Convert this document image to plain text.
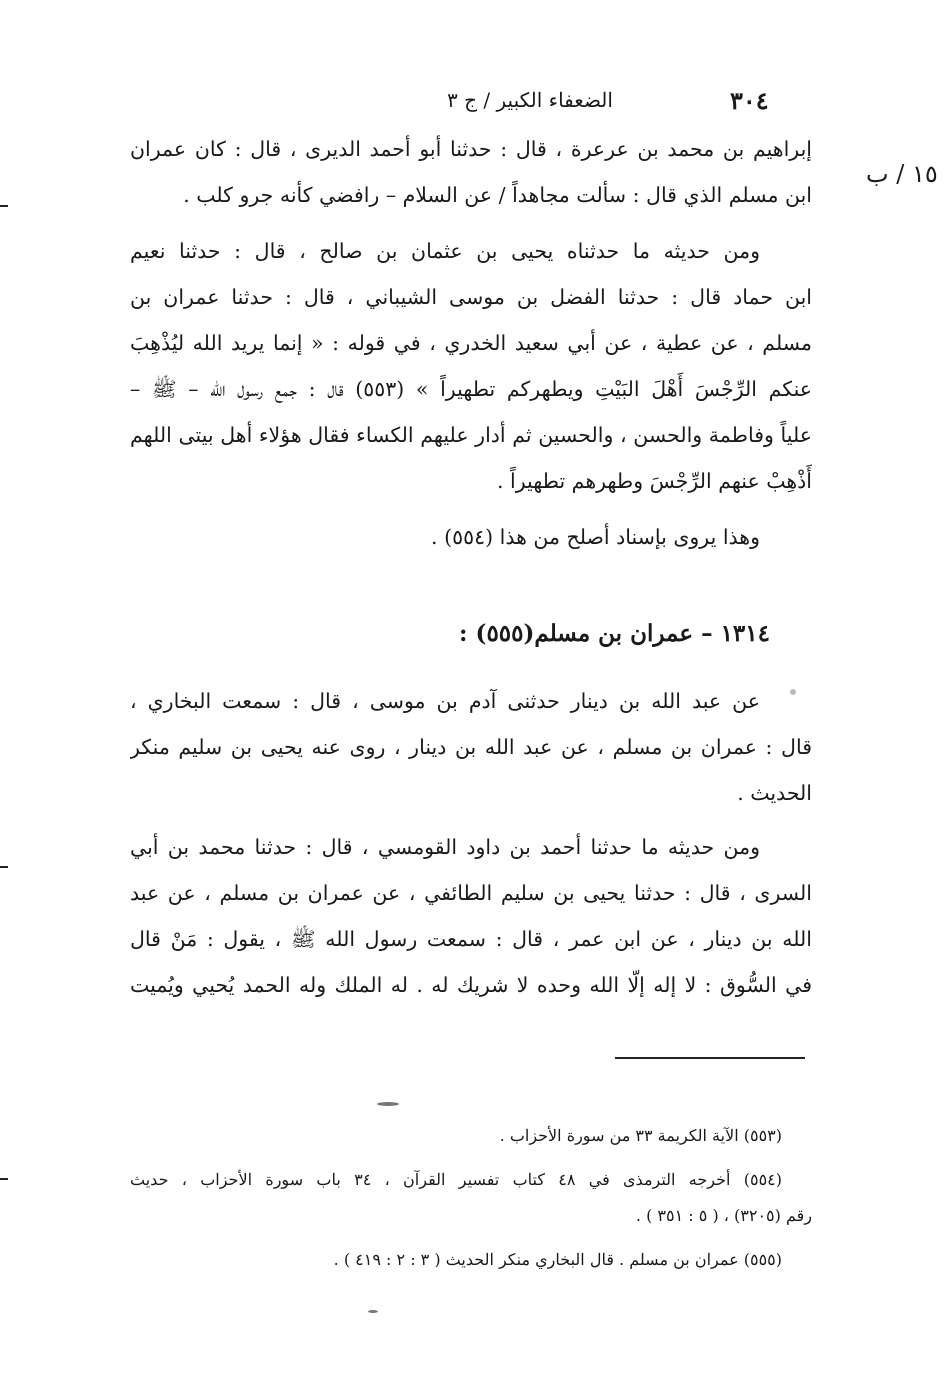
٣٠٤
الضعفاء الكبير / ج ٣
١٥ / ب
إبراهيم بن محمد بن عرعرة ، قال : حدثنا أبو أحمد الديرى ، قال : كان عمران
ابن مسلم الذي قال : سألت مجاهداً / عن السلام – رافضي كأنه جرو كلب .
ومن حديثه ما حدثناه يحيى بن عثمان بن صالح ، قال : حدثنا نعيم
ابن حماد قال : حدثنا الفضل بن موسى الشيباني ، قال : حدثنا عمران بن
مسلم ، عن عطية ، عن أبي سعيد الخدري ، في قوله : « إنما يريد الله ليُذْهِبَ
عنكم الرِّجْسَ أَهْلَ البَيْتِ ويطهركم تطهيراً » (٥٥٣) قال : جمع رسول الله – ﷺ –
علياً وفاطمة والحسن ، والحسين ثم أدار عليهم الكساء فقال هؤلاء أهل بيتى اللهم
أَذْهِبْ عنهم الرِّجْسَ وطهرهم تطهيراً .
وهذا يروى بإسناد أصلح من هذا (٥٥٤) .
١٣١٤ – عمران بن مسلم(٥٥٥) :
عن عبد الله بن دينار حدثنى آدم بن موسى ، قال : سمعت البخاري ،
قال : عمران بن مسلم ، عن عبد الله بن دينار ، روى عنه يحيى بن سليم منكر
الحديث .
ومن حديثه ما حدثنا أحمد بن داود القومسي ، قال : حدثنا محمد بن أبي
السرى ، قال : حدثنا يحيى بن سليم الطائفي ، عن عمران بن مسلم ، عن عبد
الله بن دينار ، عن ابن عمر ، قال : سمعت رسول الله ﷺ ، يقول : مَنْ قال
في السُّوق : لا إله إلّا الله وحده لا شريك له . له الملك وله الحمد يُحيي ويُميت
(٥٥٣) الآية الكريمة ٣٣ من سورة الأحزاب .
(٥٥٤) أخرجه الترمذى في ٤٨ كتاب تفسير القرآن ، ٣٤ باب سورة الأحزاب ، حديث
رقم (٣٢٠٥) ، ( ٥ : ٣٥١ ) .
(٥٥٥) عمران بن مسلم . قال البخاري منكر الحديث ( ٣ : ٢ : ٤١٩ ) .
